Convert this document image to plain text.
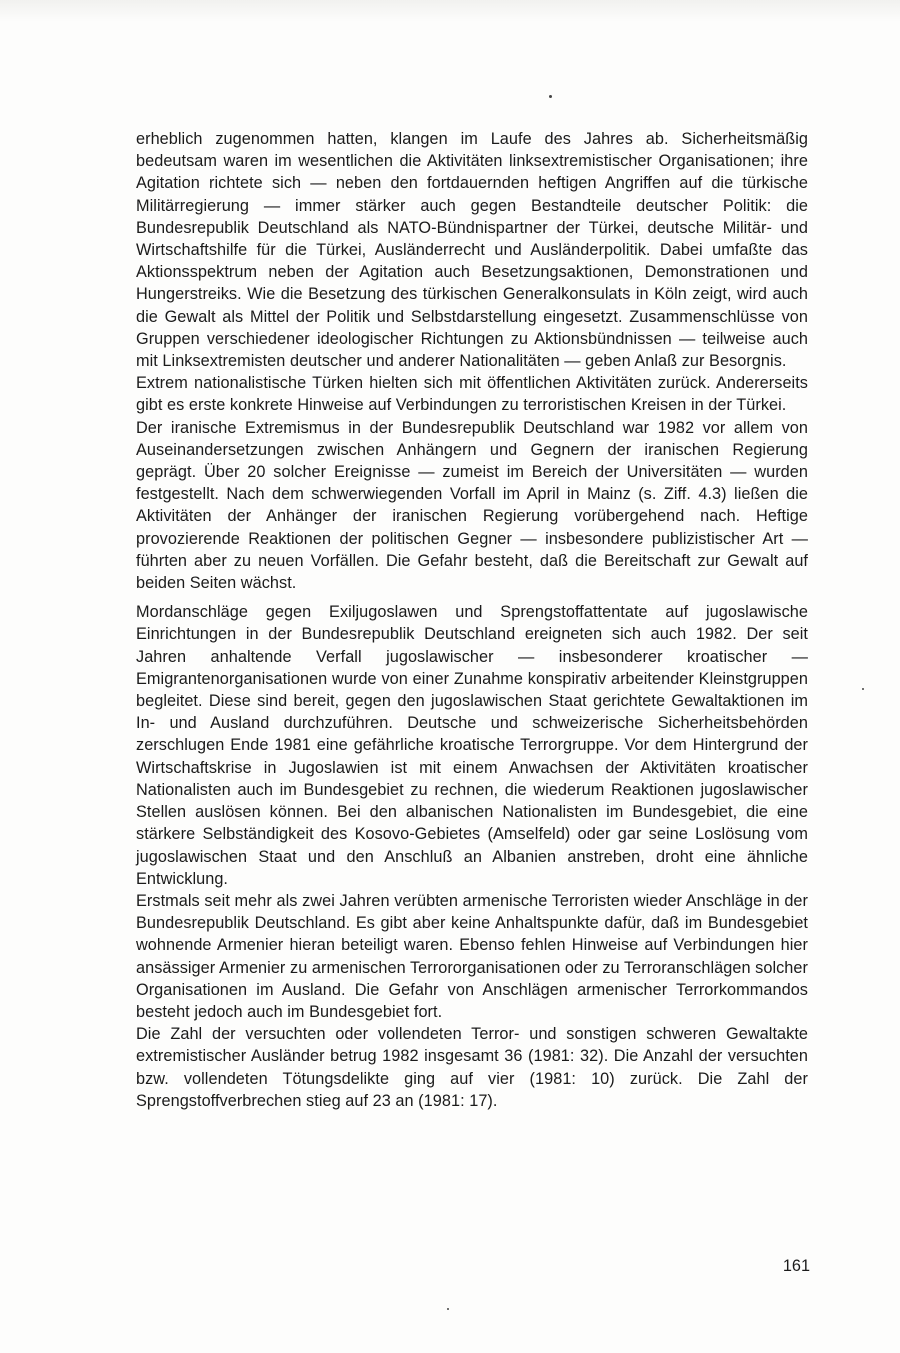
erheblich zugenommen hatten, klangen im Laufe des Jahres ab. Sicherheitsmäßig bedeutsam waren im wesentlichen die Aktivitäten linksextremistischer Organisationen; ihre Agitation richtete sich — neben den fortdauernden heftigen Angriffen auf die türkische Militärregierung — immer stärker auch gegen Bestandteile deutscher Politik: die Bundesrepublik Deutschland als NATO-Bündnispartner der Türkei, deutsche Militär- und Wirtschaftshilfe für die Türkei, Ausländerrecht und Ausländerpolitik. Dabei umfaßte das Aktionsspektrum neben der Agitation auch Besetzungsaktionen, Demonstrationen und Hungerstreiks. Wie die Besetzung des türkischen Generalkonsulats in Köln zeigt, wird auch die Gewalt als Mittel der Politik und Selbstdarstellung eingesetzt. Zusammenschlüsse von Gruppen verschiedener ideologischer Richtungen zu Aktionsbündnissen — teilweise auch mit Linksextremisten deutscher und anderer Nationalitäten — geben Anlaß zur Besorgnis.

Extrem nationalistische Türken hielten sich mit öffentlichen Aktivitäten zurück. Andererseits gibt es erste konkrete Hinweise auf Verbindungen zu terroristischen Kreisen in der Türkei.

Der iranische Extremismus in der Bundesrepublik Deutschland war 1982 vor allem von Auseinandersetzungen zwischen Anhängern und Gegnern der iranischen Regierung geprägt. Über 20 solcher Ereignisse — zumeist im Bereich der Universitäten — wurden festgestellt. Nach dem schwerwiegenden Vorfall im April in Mainz (s. Ziff. 4.3) ließen die Aktivitäten der Anhänger der iranischen Regierung vorübergehend nach. Heftige provozierende Reaktionen der politischen Gegner — insbesondere publizistischer Art — führten aber zu neuen Vorfällen. Die Gefahr besteht, daß die Bereitschaft zur Gewalt auf beiden Seiten wächst.

Mordanschläge gegen Exiljugoslawen und Sprengstoffattentate auf jugoslawische Einrichtungen in der Bundesrepublik Deutschland ereigneten sich auch 1982. Der seit Jahren anhaltende Verfall jugoslawischer — insbesonderer kroatischer — Emigrantenorganisationen wurde von einer Zunahme konspirativ arbeitender Kleinstgruppen begleitet. Diese sind bereit, gegen den jugoslawischen Staat gerichtete Gewaltaktionen im In- und Ausland durchzuführen. Deutsche und schweizerische Sicherheitsbehörden zerschlugen Ende 1981 eine gefährliche kroatische Terrorgruppe. Vor dem Hintergrund der Wirtschaftskrise in Jugoslawien ist mit einem Anwachsen der Aktivitäten kroatischer Nationalisten auch im Bundesgebiet zu rechnen, die wiederum Reaktionen jugoslawischer Stellen auslösen können. Bei den albanischen Nationalisten im Bundesgebiet, die eine stärkere Selbständigkeit des Kosovo-Gebietes (Amselfeld) oder gar seine Loslösung vom jugoslawischen Staat und den Anschluß an Albanien anstreben, droht eine ähnliche Entwicklung.

Erstmals seit mehr als zwei Jahren verübten armenische Terroristen wieder Anschläge in der Bundesrepublik Deutschland. Es gibt aber keine Anhaltspunkte dafür, daß im Bundesgebiet wohnende Armenier hieran beteiligt waren. Ebenso fehlen Hinweise auf Verbindungen hier ansässiger Armenier zu armenischen Terrororganisationen oder zu Terroranschlägen solcher Organisationen im Ausland. Die Gefahr von Anschlägen armenischer Terrorkommandos besteht jedoch auch im Bundesgebiet fort.

Die Zahl der versuchten oder vollendeten Terror- und sonstigen schweren Gewaltakte extremistischer Ausländer betrug 1982 insgesamt 36 (1981: 32). Die Anzahl der versuchten bzw. vollendeten Tötungsdelikte ging auf vier (1981: 10) zurück. Die Zahl der Sprengstoffverbrechen stieg auf 23 an (1981: 17).

161
